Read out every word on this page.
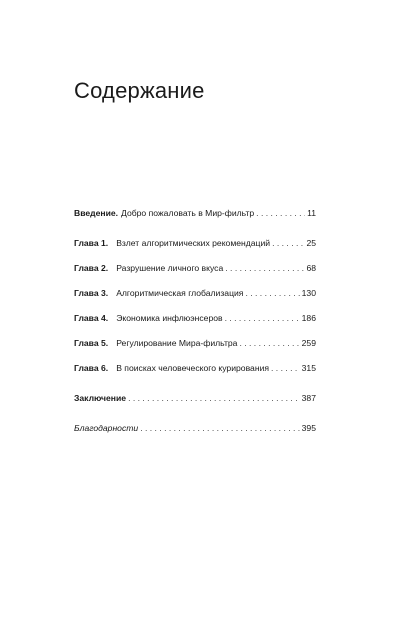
Содержание
Введение. Добро пожаловать в Мир-фильтр . . .	11
Глава 1. Взлет алгоритмических рекомендаций . . .	25
Глава 2. Разрушение личного вкуса . . .	68
Глава 3. Алгоритмическая глобализация . . .	130
Глава 4. Экономика инфлюэнсеров . . .	186
Глава 5. Регулирование Мира-фильтра . . .	259
Глава 6. В поисках человеческого курирования . . .	315
Заключение . . .	387
Благодарности . . .	395
